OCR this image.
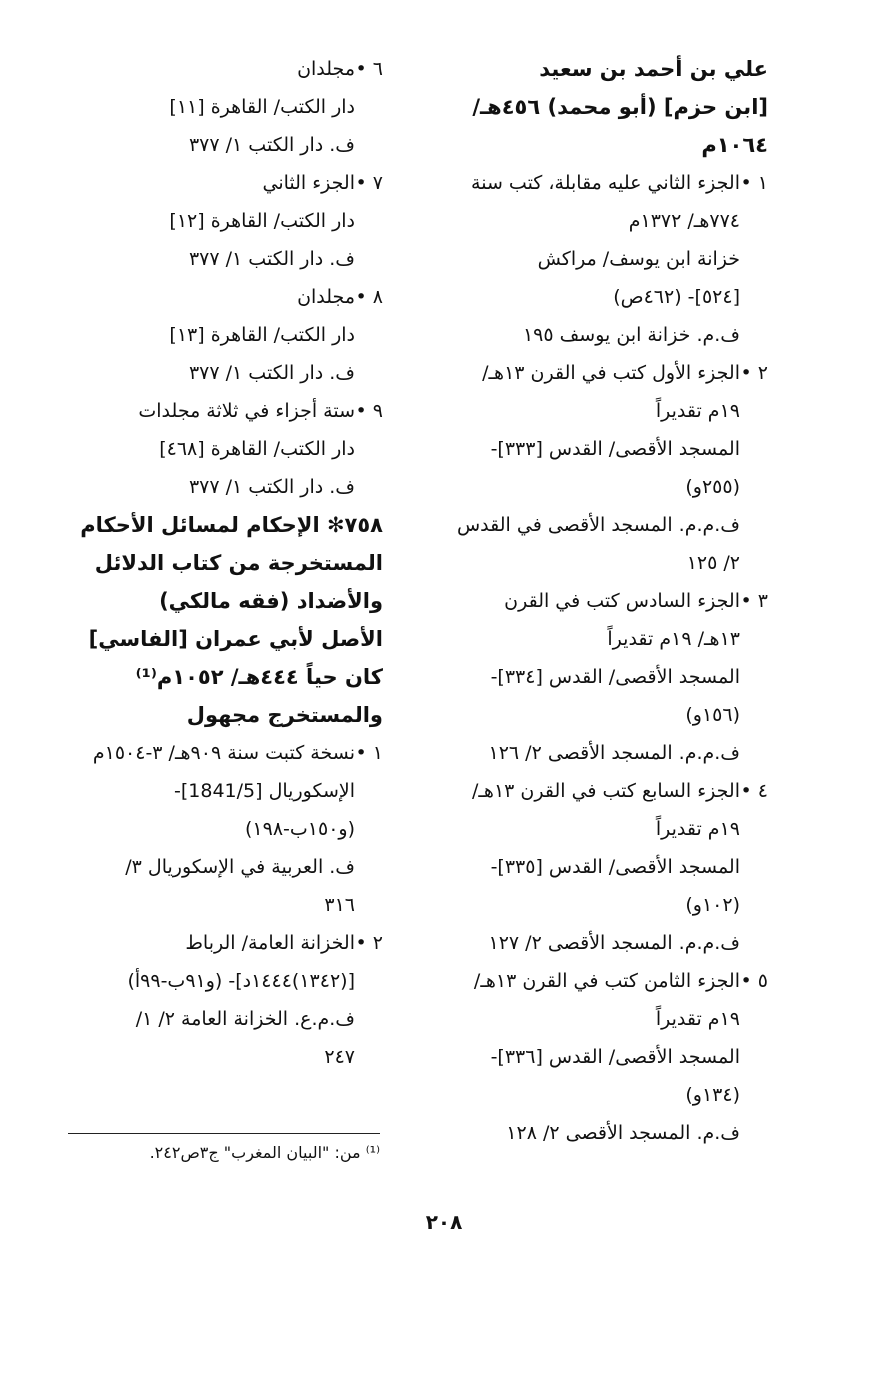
علي بن أحمد بن سعيد
[ابن حزم] (أبو محمد) ٤٥٦هـ/
١٠٦٤م
١ •
الجزء الثاني عليه مقابلة، كتب سنة
٧٧٤هـ/ ١٣٧٢م
خزانة ابن يوسف/ مراكش
[٥٢٤]- (٤٦٢ص)
ف.م. خزانة ابن يوسف ١٩٥
٢ •
الجزء الأول كتب في القرن ١٣هـ/
١٩م تقديراً
المسجد الأقصى/ القدس [٣٣٣]-
(٢٥٥و)
ف.م.م. المسجد الأقصى في القدس
٢/ ١٢٥
٣ •
الجزء السادس كتب في القرن
١٣هـ/ ١٩م تقديراً
المسجد الأقصى/ القدس [٣٣٤]-
(١٥٦و)
ف.م.م. المسجد الأقصى ٢/ ١٢٦
٤ •
الجزء السابع كتب في القرن ١٣هـ/
١٩م تقديراً
المسجد الأقصى/ القدس [٣٣٥]-
(١٠٢و)
ف.م.م. المسجد الأقصى ٢/ ١٢٧
٥ •
الجزء الثامن كتب في القرن ١٣هـ/
١٩م تقديراً
المسجد الأقصى/ القدس [٣٣٦]-
(١٣٤و)
ف.م. المسجد الأقصى ٢/ ١٢٨
٦ •
مجلدان
دار الكتب/ القاهرة [١١]
ف. دار الكتب ١/ ٣٧٧
٧ •
الجزء الثاني
دار الكتب/ القاهرة [١٢]
ف. دار الكتب ١/ ٣٧٧
٨ •
مجلدان
دار الكتب/ القاهرة [١٣]
ف. دار الكتب ١/ ٣٧٧
٩ •
ستة أجزاء في ثلاثة مجلدات
دار الكتب/ القاهرة [٤٦٨]
ف. دار الكتب ١/ ٣٧٧
٧٥٨✻ الإحكام لمسائل الأحكام
المستخرجة من كتاب الدلائل
والأضداد (فقه مالكي)
الأصل لأبي عمران [الفاسي]
كان حياً ٤٤٤هـ/ ١٠٥٢م⁽¹⁾
والمستخرج مجهول
١ •
نسخة كتبت سنة ٩٠٩هـ/ ٣-١٥٠٤م
الإسكوريال [1841/5]-
(و١٥٠ب-١٩٨)
ف. العربية في الإسكوريال ٣/
٣١٦
٢ •
الخزانة العامة/ الرباط
[(١٣٤٢)١٤٤٤د]- (و٩١ب-٩٩أ)
ف.م.ع. الخزانة العامة ٢/ ١/
٢٤٧
⁽¹⁾ من: "البيان المغرب" ج٣ص٢٤٢.
٢٠٨
